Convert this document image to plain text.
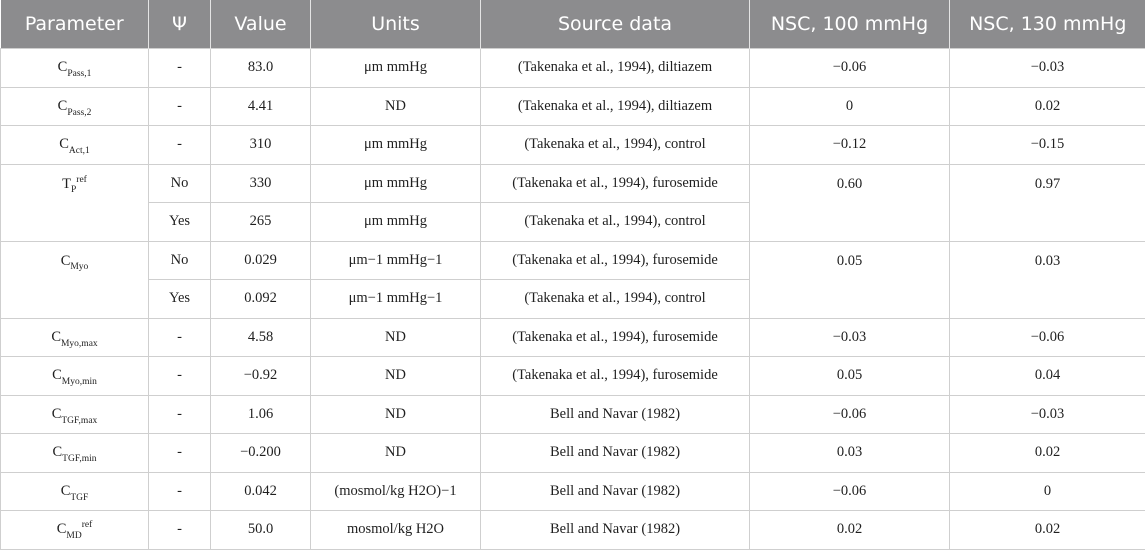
Parameter	Ψ	Value	Units	Source data	NSC, 100 mmHg	NSC, 130 mmHg
$C_{Pass,1}$	-	83.0	μm mmHg	(Takenaka et al., 1994), diltiazem	−0.06	−0.03
$C_{Pass,2}$	-	4.41	ND	(Takenaka et al., 1994), diltiazem	0	0.02
$C_{Act,1}$	-	310	μm mmHg	(Takenaka et al., 1994), control	−0.12	−0.15
$T_P^{ref}$	No	330	μm mmHg	(Takenaka et al., 1994), furosemide	0.60	0.97
	Yes	265	μm mmHg	(Takenaka et al., 1994), control		
$C_{Myo}$	No	0.029	μm−1 mmHg−1	(Takenaka et al., 1994), furosemide	0.05	0.03
	Yes	0.092	μm−1 mmHg−1	(Takenaka et al., 1994), control		
$C_{Myo,max}$	-	4.58	ND	(Takenaka et al., 1994), furosemide	−0.03	−0.06
$C_{Myo,min}$	-	−0.92	ND	(Takenaka et al., 1994), furosemide	0.05	0.04
$C_{TGF,max}$	-	1.06	ND	Bell and Navar (1982)	−0.06	−0.03
$C_{TGF,min}$	-	−0.200	ND	Bell and Navar (1982)	0.03	0.02
$C_{TGF}$	-	0.042	(mosmol/kg H2O)−1	Bell and Navar (1982)	−0.06	0
$C_{MD}^{ref}$	-	50.0	mosmol/kg H2O	Bell and Navar (1982)	0.02	0.02
